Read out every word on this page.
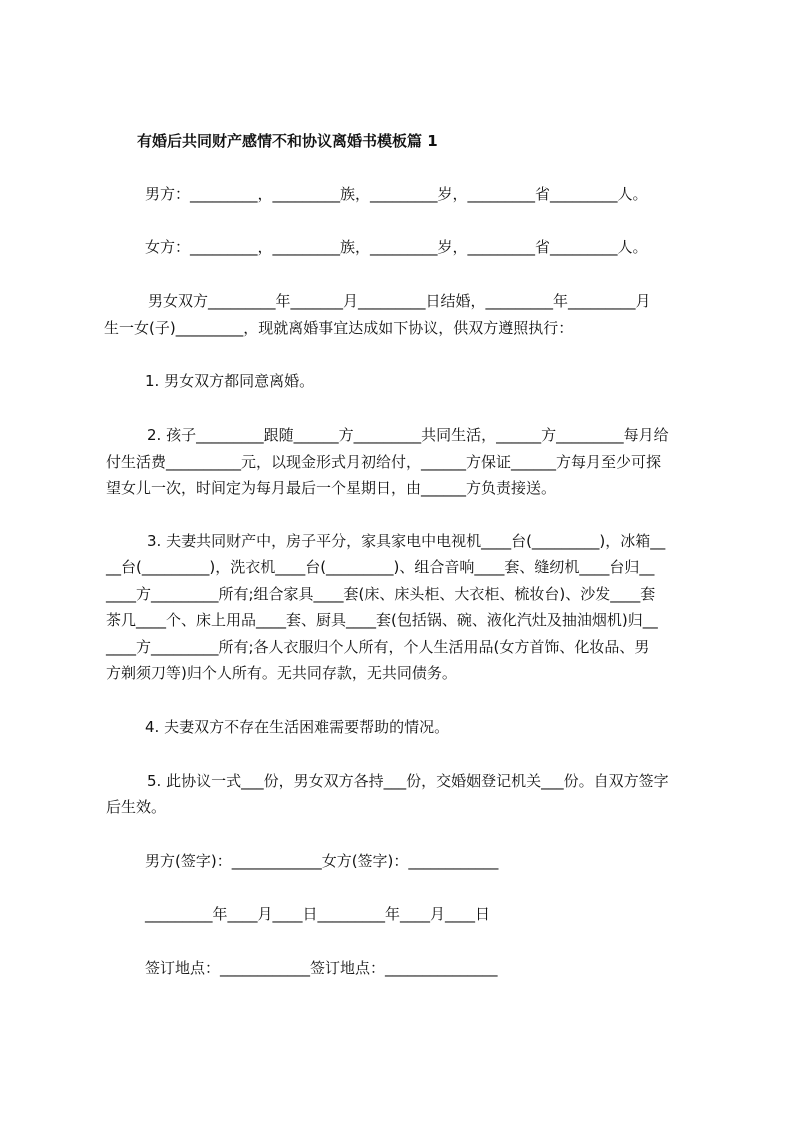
有婚后共同财产感情不和协议离婚书模板篇 1
男方：_________，_________族，_________岁，_________省_________人。
女方：_________，_________族，_________岁，_________省_________人。
男女双方_________年_______月_________日结婚，_________年_________月
生一女(子)_________，现就离婚事宜达成如下协议，供双方遵照执行：
1. 男女双方都同意离婚。
2. 孩子_________跟随______方_________共同生活，______方_________每月给
付生活费__________元，以现金形式月初给付，______方保证______方每月至少可探
望女儿一次，时间定为每月最后一个星期日，由______方负责接送。
3. 夫妻共同财产中，房子平分，家具家电中电视机____台(_________)，冰箱__
__台(_________)，洗衣机____台(_________)、组合音响____套、缝纫机____台归__
____方_________所有;组合家具____套(床、床头柜、大衣柜、梳妆台)、沙发____套
茶几____个、床上用品____套、厨具____套(包括锅、碗、液化汽灶及抽油烟机)归__
____方_________所有;各人衣服归个人所有，个人生活用品(女方首饰、化妆品、男
方剃须刀等)归个人所有。无共同存款，无共同债务。
4. 夫妻双方不存在生活困难需要帮助的情况。
5. 此协议一式___份，男女双方各持___份，交婚姻登记机关___份。自双方签字
后生效。
男方(签字)：____________女方(签字)：____________
_________年____月____日_________年____月____日
签订地点：____________签订地点：_______________
